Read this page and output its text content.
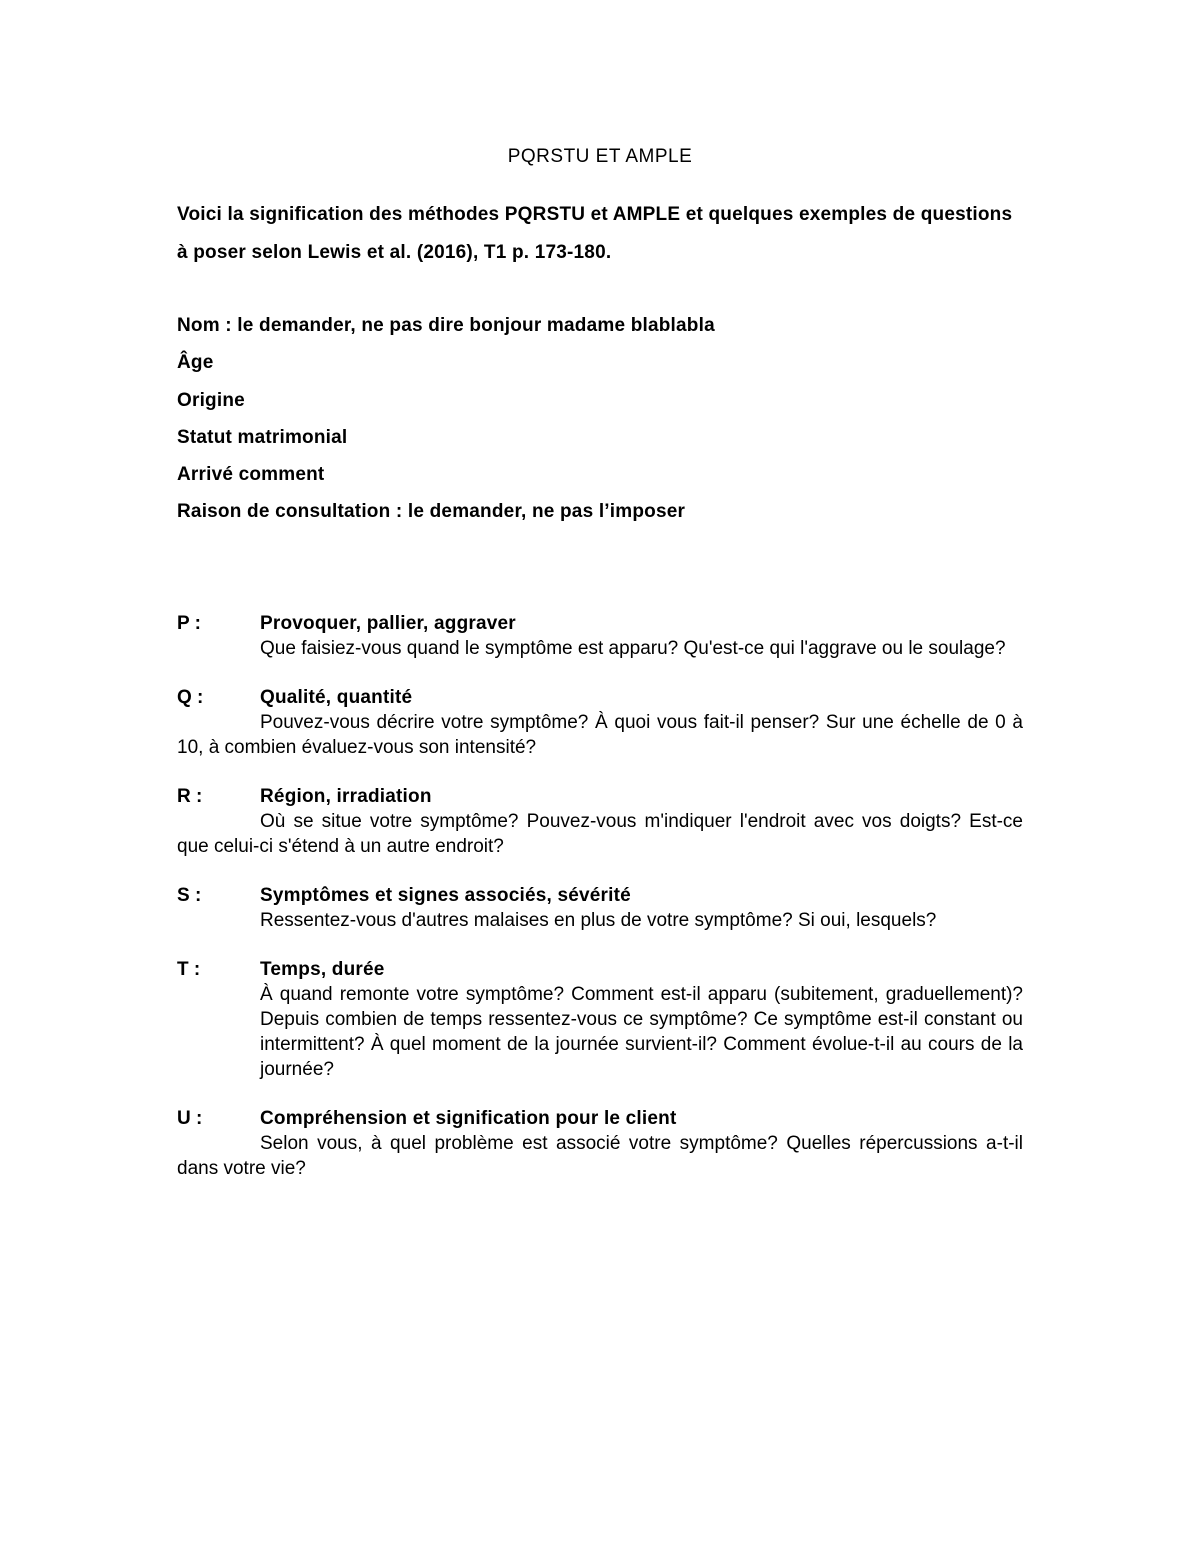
PQRSTU ET AMPLE
Voici la signification des méthodes PQRSTU et AMPLE et quelques exemples de questions à poser selon Lewis et al. (2016), T1 p. 173-180.
Nom : le demander, ne pas dire bonjour madame blablabla
Âge
Origine
Statut matrimonial
Arrivé comment
Raison de consultation : le demander, ne pas l’imposer
P :	Provoquer, pallier, aggraver
Que faisiez-vous quand le symptôme est apparu? Qu'est-ce qui l'aggrave ou le soulage?
Q :	Qualité, quantité
Pouvez-vous décrire votre symptôme? À quoi vous fait-il penser? Sur une échelle de 0 à 10, à combien évaluez-vous son intensité?
R :	Région, irradiation
Où se situe votre symptôme? Pouvez-vous m'indiquer l'endroit avec vos doigts? Est-ce que celui-ci s'étend à un autre endroit?
S :	Symptômes et signes associés, sévérité
Ressentez-vous d'autres malaises en plus de votre symptôme? Si oui, lesquels?
T :	Temps, durée
À quand remonte votre symptôme? Comment est-il apparu (subitement, graduellement)? Depuis combien de temps ressentez-vous ce symptôme? Ce symptôme est-il constant ou intermittent? À quel moment de la journée survient-il? Comment évolue-t-il au cours de la journée?
U :	Compréhension et signification pour le client
Selon vous, à quel problème est associé votre symptôme? Quelles répercussions a-t-il dans votre vie?
